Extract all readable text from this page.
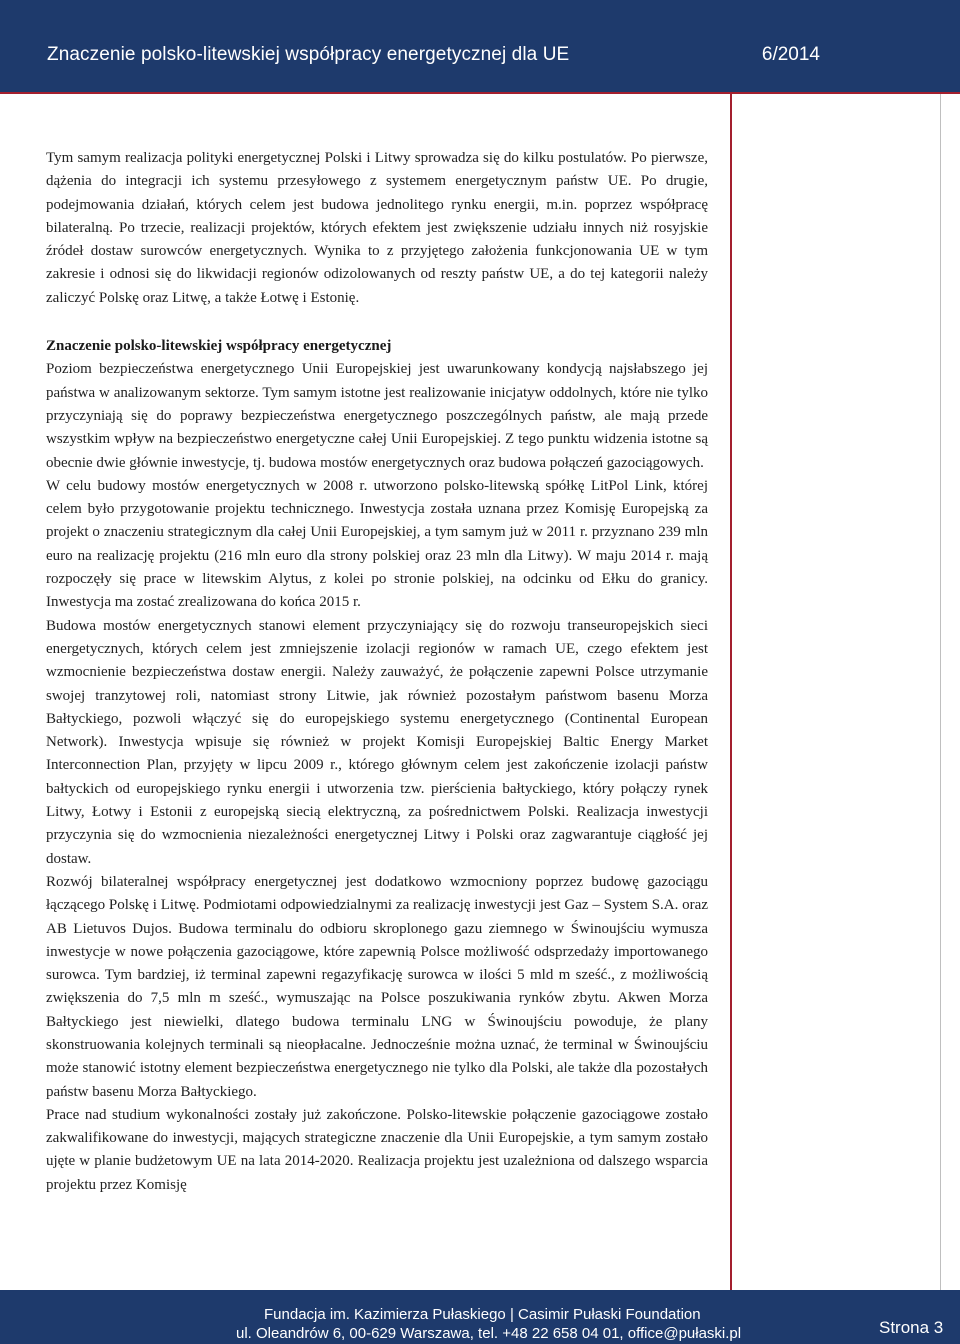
Znaczenie polsko-litewskiej współpracy energetycznej dla UE	6/2014

Tym samym realizacja polityki energetycznej Polski i Litwy sprowadza się do kilku postulatów. Po pierwsze, dążenia do integracji ich systemu przesyłowego z systemem energetycznym państw UE. Po drugie, podejmowania działań, których celem jest budowa jednolitego rynku energii, m.in. poprzez współpracę bilateralną. Po trzecie, realizacji projektów, których efektem jest zwiększenie udziału innych niż rosyjskie źródeł dostaw surowców energetycznych. Wynika to z przyjętego założenia funkcjonowania UE w tym zakresie i odnosi się do likwidacji regionów odizolowanych od reszty państw UE, a do tej kategorii należy zaliczyć Polskę oraz Litwę, a także Łotwę i Estonię.

Znaczenie polsko-litewskiej współpracy energetycznej

Poziom bezpieczeństwa energetycznego Unii Europejskiej jest uwarunkowany kondycją najsłabszego jej państwa w analizowanym sektorze. Tym samym istotne jest realizowanie inicjatyw oddolnych, które nie tylko przyczyniają się do poprawy bezpieczeństwa energetycznego poszczególnych państw, ale mają przede wszystkim wpływ na bezpieczeństwo energetyczne całej Unii Europejskiej. Z tego punktu widzenia istotne są obecnie dwie głównie inwestycje, tj. budowa mostów energetycznych oraz budowa połączeń gazociągowych.

W celu budowy mostów energetycznych w 2008 r. utworzono polsko-litewską spółkę LitPol Link, której celem było przygotowanie projektu technicznego. Inwestycja została uznana przez Komisję Europejską za projekt o znaczeniu strategicznym dla całej Unii Europejskiej, a tym samym już w 2011 r. przyznano 239 mln euro na realizację projektu (216 mln euro dla strony polskiej oraz 23 mln dla Litwy). W maju 2014 r. mają rozpoczęły się prace w litewskim Alytus, z kolei po stronie polskiej, na odcinku od Ełku do granicy. Inwestycja ma zostać zrealizowana do końca 2015 r.

Budowa mostów energetycznych stanowi element przyczyniający się do rozwoju transeuropejskich sieci energetycznych, których celem jest zmniejszenie izolacji regionów w ramach UE, czego efektem jest wzmocnienie bezpieczeństwa dostaw energii. Należy zauważyć, że połączenie zapewni Polsce utrzymanie swojej tranzytowej roli, natomiast strony Litwie, jak również pozostałym państwom basenu Morza Bałtyckiego, pozwoli włączyć się do europejskiego systemu energetycznego (Continental European Network). Inwestycja wpisuje się również w projekt Komisji Europejskiej Baltic Energy Market Interconnection Plan, przyjęty w lipcu 2009 r., którego głównym celem jest zakończenie izolacji państw bałtyckich od europejskiego rynku energii i utworzenia tzw. pierścienia bałtyckiego, który połączy rynek Litwy, Łotwy i Estonii z europejską siecią elektryczną, za pośrednictwem Polski. Realizacja inwestycji przyczynia się do wzmocnienia niezależności energetycznej Litwy i Polski oraz zagwarantuje ciągłość jej dostaw.

Rozwój bilateralnej współpracy energetycznej jest dodatkowo wzmocniony poprzez budowę gazociągu łączącego Polskę i Litwę. Podmiotami odpowiedzialnymi za realizację inwestycji jest Gaz – System S.A. oraz AB Lietuvos Dujos. Budowa terminalu do odbioru skroplonego gazu ziemnego w Świnoujściu wymusza inwestycje w nowe połączenia gazociągowe, które zapewnią Polsce możliwość odsprzedaży importowanego surowca. Tym bardziej, iż terminal zapewni regazyfikację surowca w ilości 5 mld m sześć., z możliwością zwiększenia do 7,5 mln m sześć., wymuszając na Polsce poszukiwania rynków zbytu. Akwen Morza Bałtyckiego jest niewielki, dlatego budowa terminalu LNG w Świnoujściu powoduje, że plany skonstruowania kolejnych terminali są nieopłacalne. Jednocześnie można uznać, że terminal w Świnoujściu może stanowić istotny element bezpieczeństwa energetycznego nie tylko dla Polski, ale także dla pozostałych państw basenu Morza Bałtyckiego.

Prace nad studium wykonalności zostały już zakończone. Polsko-litewskie połączenie gazociągowe zostało zakwalifikowane do inwestycji, mających strategiczne znaczenie dla Unii Europejskie, a tym samym zostało ujęte w planie budżetowym UE na lata 2014-2020. Realizacja projektu jest uzależniona od dalszego wsparcia projektu przez Komisję

Fundacja im. Kazimierza Pułaskiego | Casimir Pułaski Foundation
ul. Oleandrów 6, 00-629 Warszawa, tel. +48 22 658 04 01, office@pułaski.pl	Strona 3
